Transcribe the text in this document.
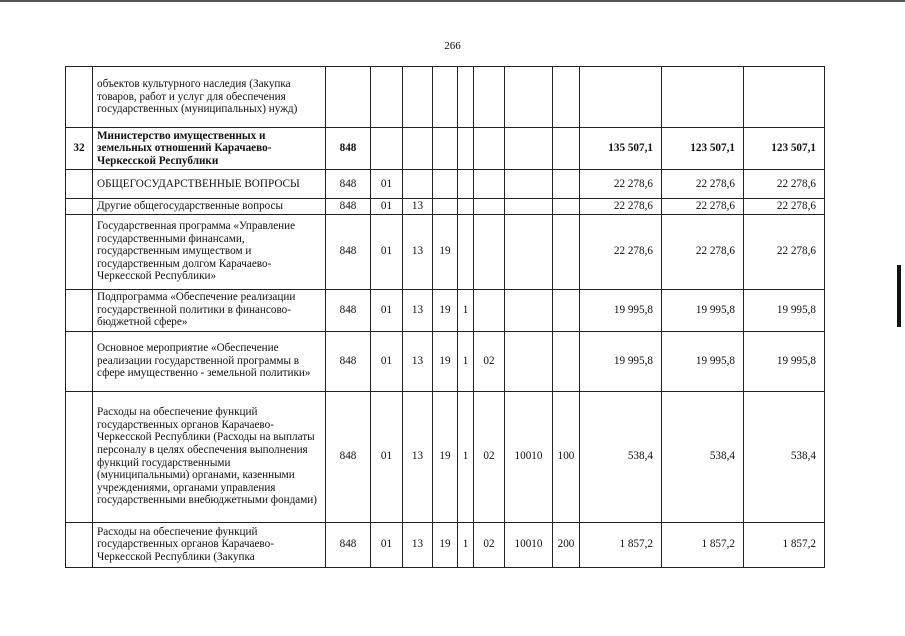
266
	объектов культурного наследия (Закупка товаров, работ и услуг для обеспечения государственных (муниципальных) нужд)											
32	Министерство имущественных и земельных отношений Карачаево-Черкесской Республики	848								135 507,1	123 507,1	123 507,1
	ОБЩЕГОСУДАРСТВЕННЫЕ ВОПРОСЫ	848	01							22 278,6	22 278,6	22 278,6
	Другие общегосударственные вопросы	848	01	13						22 278,6	22 278,6	22 278,6
	Государственная программа «Управление государственными финансами, государственным имуществом и государственным долгом Карачаево-Черкесской Республики»	848	01	13	19					22 278,6	22 278,6	22 278,6
	Подпрограмма «Обеспечение реализации государственной политики в финансово-бюджетной сфере»	848	01	13	19	1				19 995,8	19 995,8	19 995,8
	Основное мероприятие «Обеспечение реализации государственной программы в сфере имущественно - земельной политики»	848	01	13	19	1	02			19 995,8	19 995,8	19 995,8
	Расходы на обеспечение функций государственных органов Карачаево-Черкесской Республики (Расходы на выплаты персоналу в целях обеспечения выполнения функций государственными (муниципальными) органами, казенными учреждениями, органами управления государственными внебюджетными фондами)	848	01	13	19	1	02	10010	100	538,4	538,4	538,4
	Расходы на обеспечение функций государственных органов Карачаево-Черкесской Республики (Закупка	848	01	13	19	1	02	10010	200	1 857,2	1 857,2	1 857,2
